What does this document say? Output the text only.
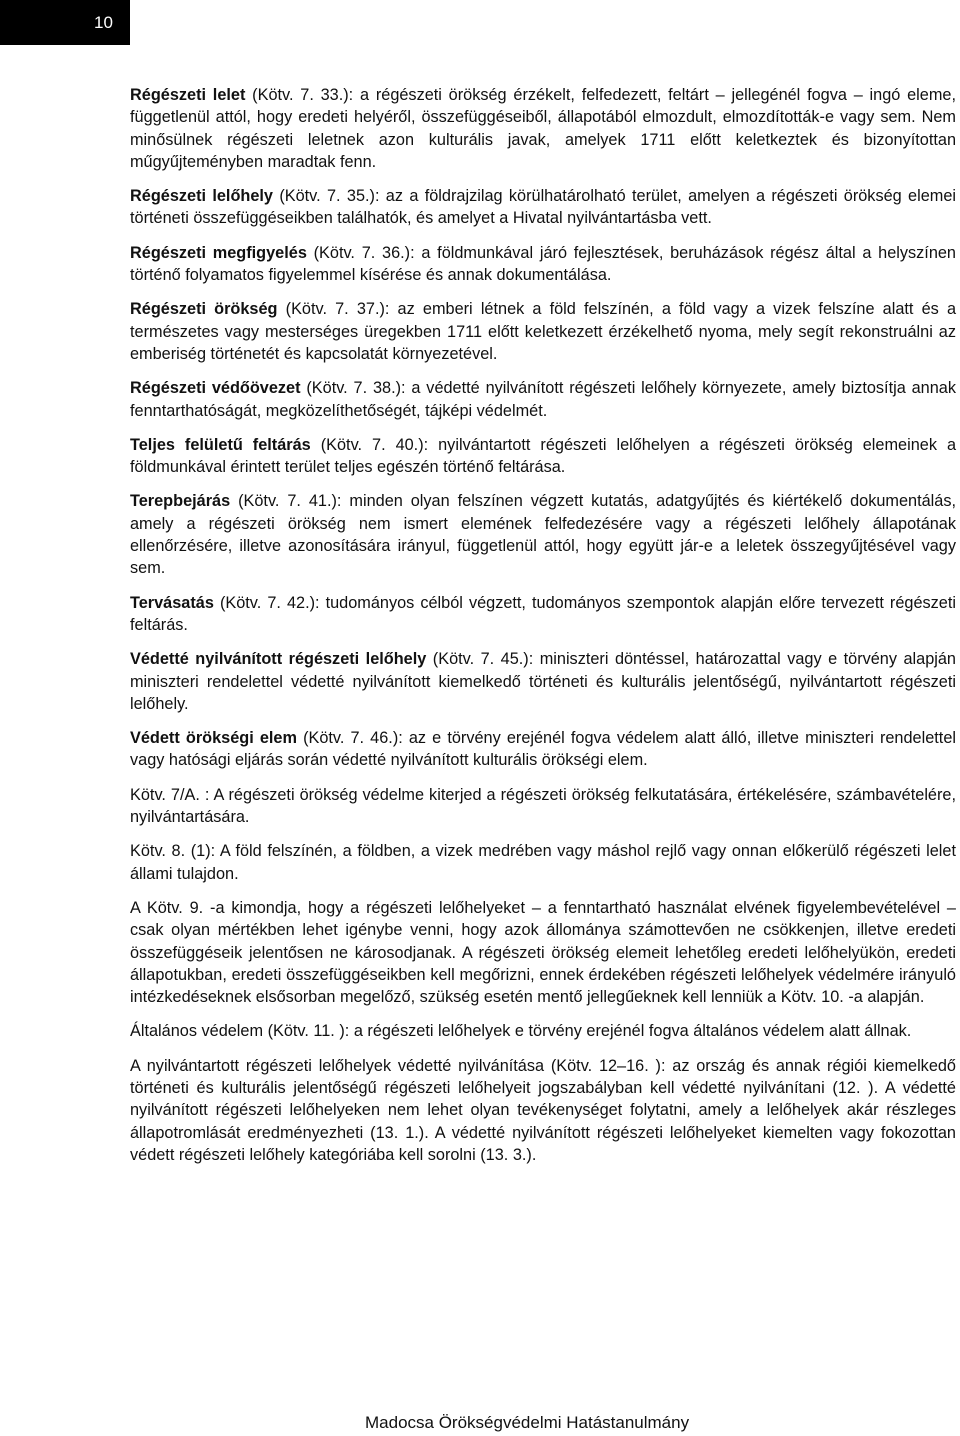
10

Régészeti lelet (Kötv. 7. 33.): a régészeti örökség érzékelt, felfedezett, feltárt – jellegénél fogva – ingó eleme, függetlenül attól, hogy eredeti helyéről, összefüggéseiből, állapotából elmozdult, elmozdították-e vagy sem. Nem minősülnek régészeti leletnek azon kulturális javak, amelyek 1711 előtt keletkeztek és bizonyítottan műgyűjteményben maradtak fenn.

Régészeti lelőhely (Kötv. 7. 35.): az a földrajzilag körülhatárolható terület, amelyen a régészeti örökség elemei történeti összefüggéseikben találhatók, és amelyet a Hivatal nyilvántartásba vett.

Régészeti megfigyelés (Kötv. 7. 36.): a földmunkával járó fejlesztések, beruházások régész által a helyszínen történő folyamatos figyelemmel kísérése és annak dokumentálása.

Régészeti örökség (Kötv. 7. 37.): az emberi létnek a föld felszínén, a föld vagy a vizek felszíne alatt és a természetes vagy mesterséges üregekben 1711 előtt keletkezett érzékelhető nyoma, mely segít rekonstruálni az emberiség történetét és kapcsolatát környezetével.

Régészeti védőövezet (Kötv. 7. 38.): a védetté nyilvánított régészeti lelőhely környezete, amely biztosítja annak fenntarthatóságát, megközelíthetőségét, tájképi védelmét.

Teljes felületű feltárás (Kötv. 7. 40.): nyilvántartott régészeti lelőhelyen a régészeti örökség elemeinek a földmunkával érintett terület teljes egészén történő feltárása.

Terepbejárás (Kötv. 7. 41.): minden olyan felszínen végzett kutatás, adatgyűjtés és kiértékelő dokumentálás, amely a régészeti örökség nem ismert elemének felfedezésére vagy a régészeti lelőhely állapotának ellenőrzésére, illetve azonosítására irányul, függetlenül attól, hogy együtt jár-e a leletek összegyűjtésével vagy sem.

Tervásatás (Kötv. 7. 42.): tudományos célból végzett, tudományos szempontok alapján előre tervezett régészeti feltárás.

Védetté nyilvánított régészeti lelőhely (Kötv. 7. 45.): miniszteri döntéssel, határozattal vagy e törvény alapján miniszteri rendelettel védetté nyilvánított kiemelkedő történeti és kulturális jelentőségű, nyilvántartott régészeti lelőhely.

Védett örökségi elem (Kötv. 7. 46.): az e törvény erejénél fogva védelem alatt álló, illetve miniszteri rendelettel vagy hatósági eljárás során védetté nyilvánított kulturális örökségi elem.

Kötv. 7/A. : A régészeti örökség védelme kiterjed a régészeti örökség felkutatására, értékelésére, számbavételére, nyilvántartására.

Kötv. 8. (1): A föld felszínén, a földben, a vizek medrében vagy máshol rejlő vagy onnan előkerülő régészeti lelet állami tulajdon.

A Kötv. 9. -a kimondja, hogy a régészeti lelőhelyeket – a fenntartható használat elvének figyelembevételével – csak olyan mértékben lehet igénybe venni, hogy azok állománya számottevően ne csökkenjen, illetve eredeti összefüggéseik jelentősen ne károsodjanak. A régészeti örökség elemeit lehetőleg eredeti lelőhelyükön, eredeti állapotukban, eredeti összefüggéseikben kell megőrizni, ennek érdekében régészeti lelőhelyek védelmére irányuló intézkedéseknek elsősorban megelőző, szükség esetén mentő jellegűeknek kell lenniük a Kötv. 10. -a alapján.

Általános védelem (Kötv. 11. ): a régészeti lelőhelyek e törvény erejénél fogva általános védelem alatt állnak.

A nyilvántartott régészeti lelőhelyek védetté nyilvánítása (Kötv. 12–16. ): az ország és annak régiói kiemelkedő történeti és kulturális jelentőségű régészeti lelőhelyeit jogszabályban kell védetté nyilvánítani (12. ). A védetté nyilvánított régészeti lelőhelyeken nem lehet olyan tevékenységet folytatni, amely a lelőhelyek akár részleges állapotromlását eredményezheti (13. 1.). A védetté nyilvánított régészeti lelőhelyeket kiemelten vagy fokozottan védett régészeti lelőhely kategóriába kell sorolni (13. 3.).

Madocsa Örökségvédelmi Hatástanulmány
